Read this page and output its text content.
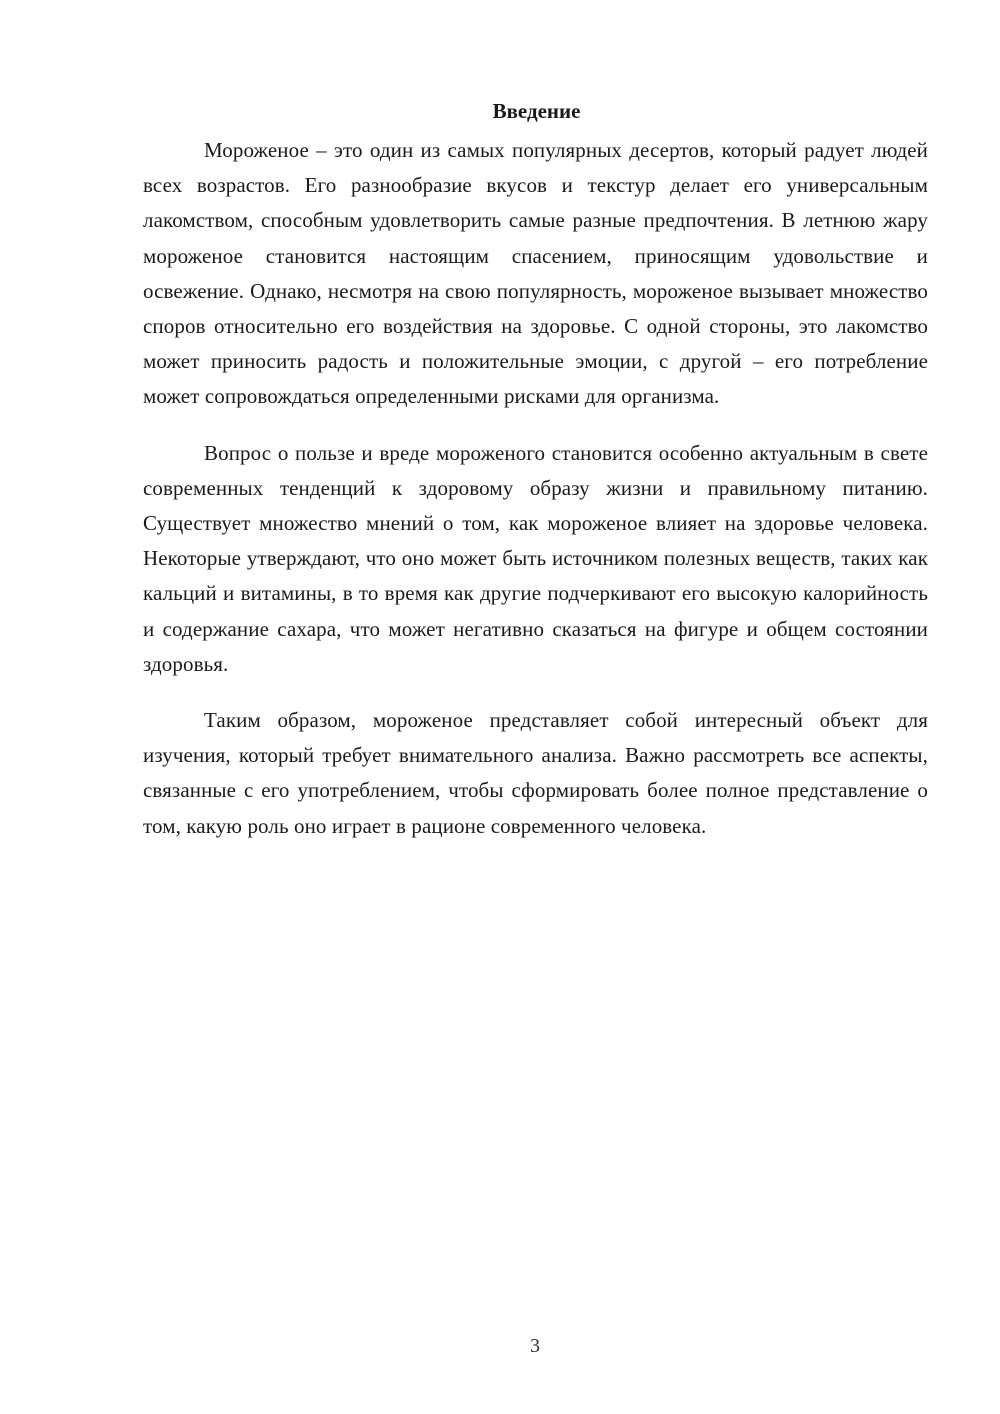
Введение

Мороженое – это один из самых популярных десертов, который радует людей всех возрастов. Его разнообразие вкусов и текстур делает его универсальным лакомством, способным удовлетворить самые разные предпочтения. В летнюю жару мороженое становится настоящим спасением, приносящим удовольствие и освежение. Однако, несмотря на свою популярность, мороженое вызывает множество споров относительно его воздействия на здоровье. С одной стороны, это лакомство может приносить радость и положительные эмоции, с другой – его потребление может сопровождаться определенными рисками для организма.

Вопрос о пользе и вреде мороженого становится особенно актуальным в свете современных тенденций к здоровому образу жизни и правильному питанию. Существует множество мнений о том, как мороженое влияет на здоровье человека. Некоторые утверждают, что оно может быть источником полезных веществ, таких как кальций и витамины, в то время как другие подчеркивают его высокую калорийность и содержание сахара, что может негативно сказаться на фигуре и общем состоянии здоровья.

Таким образом, мороженое представляет собой интересный объект для изучения, который требует внимательного анализа. Важно рассмотреть все аспекты, связанные с его употреблением, чтобы сформировать более полное представление о том, какую роль оно играет в рационе современного человека.

3
